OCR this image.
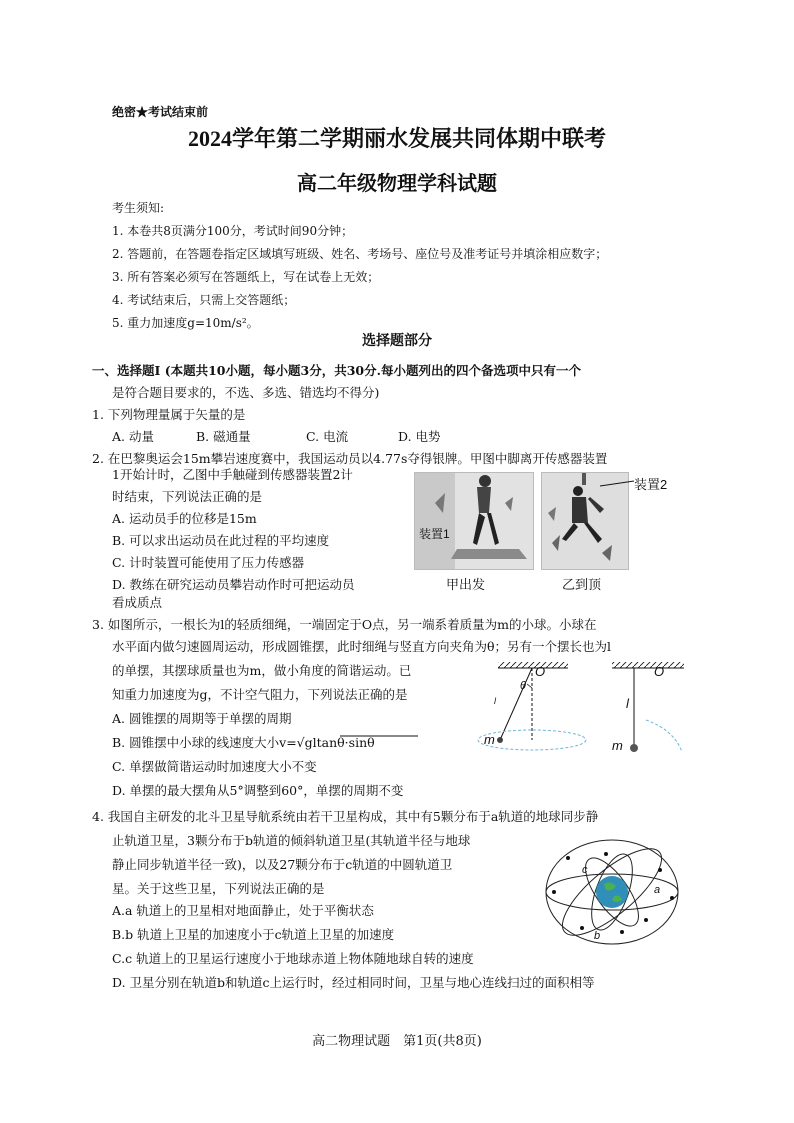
绝密★考试结束前
2024学年第二学期丽水发展共同体期中联考
高二年级物理学科试题
考生须知:
1. 本卷共8页满分100分，考试时间90分钟；
2. 答题前，在答题卷指定区域填写班级、姓名、考场号、座位号及准考证号并填涂相应数字；
3. 所有答案必须写在答题纸上，写在试卷上无效；
4. 考试结束后，只需上交答题纸；
5. 重力加速度g=10m/s²。
选择题部分
一、选择题Ⅰ (本题共10小题，每小题3分，共30分.每小题列出的四个备选项中只有一个
是符合题目要求的，不选、多选、错选均不得分)
1. 下列物理量属于矢量的是
A. 动量	B. 磁通量	C. 电流	D. 电势
2. 在巴黎奥运会15m攀岩速度赛中，我国运动员以4.77s夺得银牌。甲图中脚离开传感器装置
1开始计时，乙图中手触碰到传感器装置2计
时结束，下列说法正确的是
A. 运动员手的位移是15m
B. 可以求出运动员在此过程的平均速度
C. 计时装置可能使用了压力传感器
D. 教练在研究运动员攀岩动作时可把运动员
看成质点
装置1
甲出发
装置2
乙到顶
3. 如图所示，一根长为l的轻质细绳，一端固定于O点，另一端系着质量为m的小球。小球在
水平面内做匀速圆周运动，形成圆锥摆，此时细绳与竖直方向夹角为θ；另有一个摆长也为l
的单摆，其摆球质量也为m，做小角度的简谐运动。已
知重力加速度为g，不计空气阻力，下列说法正确的是
A. 圆锥摆的周期等于单摆的周期
B. 圆锥摆中小球的线速度大小v=√gltanθ·sinθ
C. 单摆做简谐运动时加速度大小不变
D. 单摆的最大摆角从5°调整到60°，单摆的周期不变
O
θ
l
m
O
l
m
4. 我国自主研发的北斗卫星导航系统由若干卫星构成，其中有5颗分布于a轨道的地球同步静
止轨道卫星，3颗分布于b轨道的倾斜轨道卫星(其轨道半径与地球
静止同步轨道半径一致)，以及27颗分布于c轨道的中圆轨道卫
星。关于这些卫星，下列说法正确的是
A.a 轨道上的卫星相对地面静止，处于平衡状态
B.b 轨道上卫星的加速度小于c轨道上卫星的加速度
C.c 轨道上的卫星运行速度小于地球赤道上物体随地球自转的速度
D. 卫星分别在轨道b和轨道c上运行时，经过相同时间，卫星与地心连线扫过的面积相等
c
a
b
高二物理试题　第1页(共8页)
